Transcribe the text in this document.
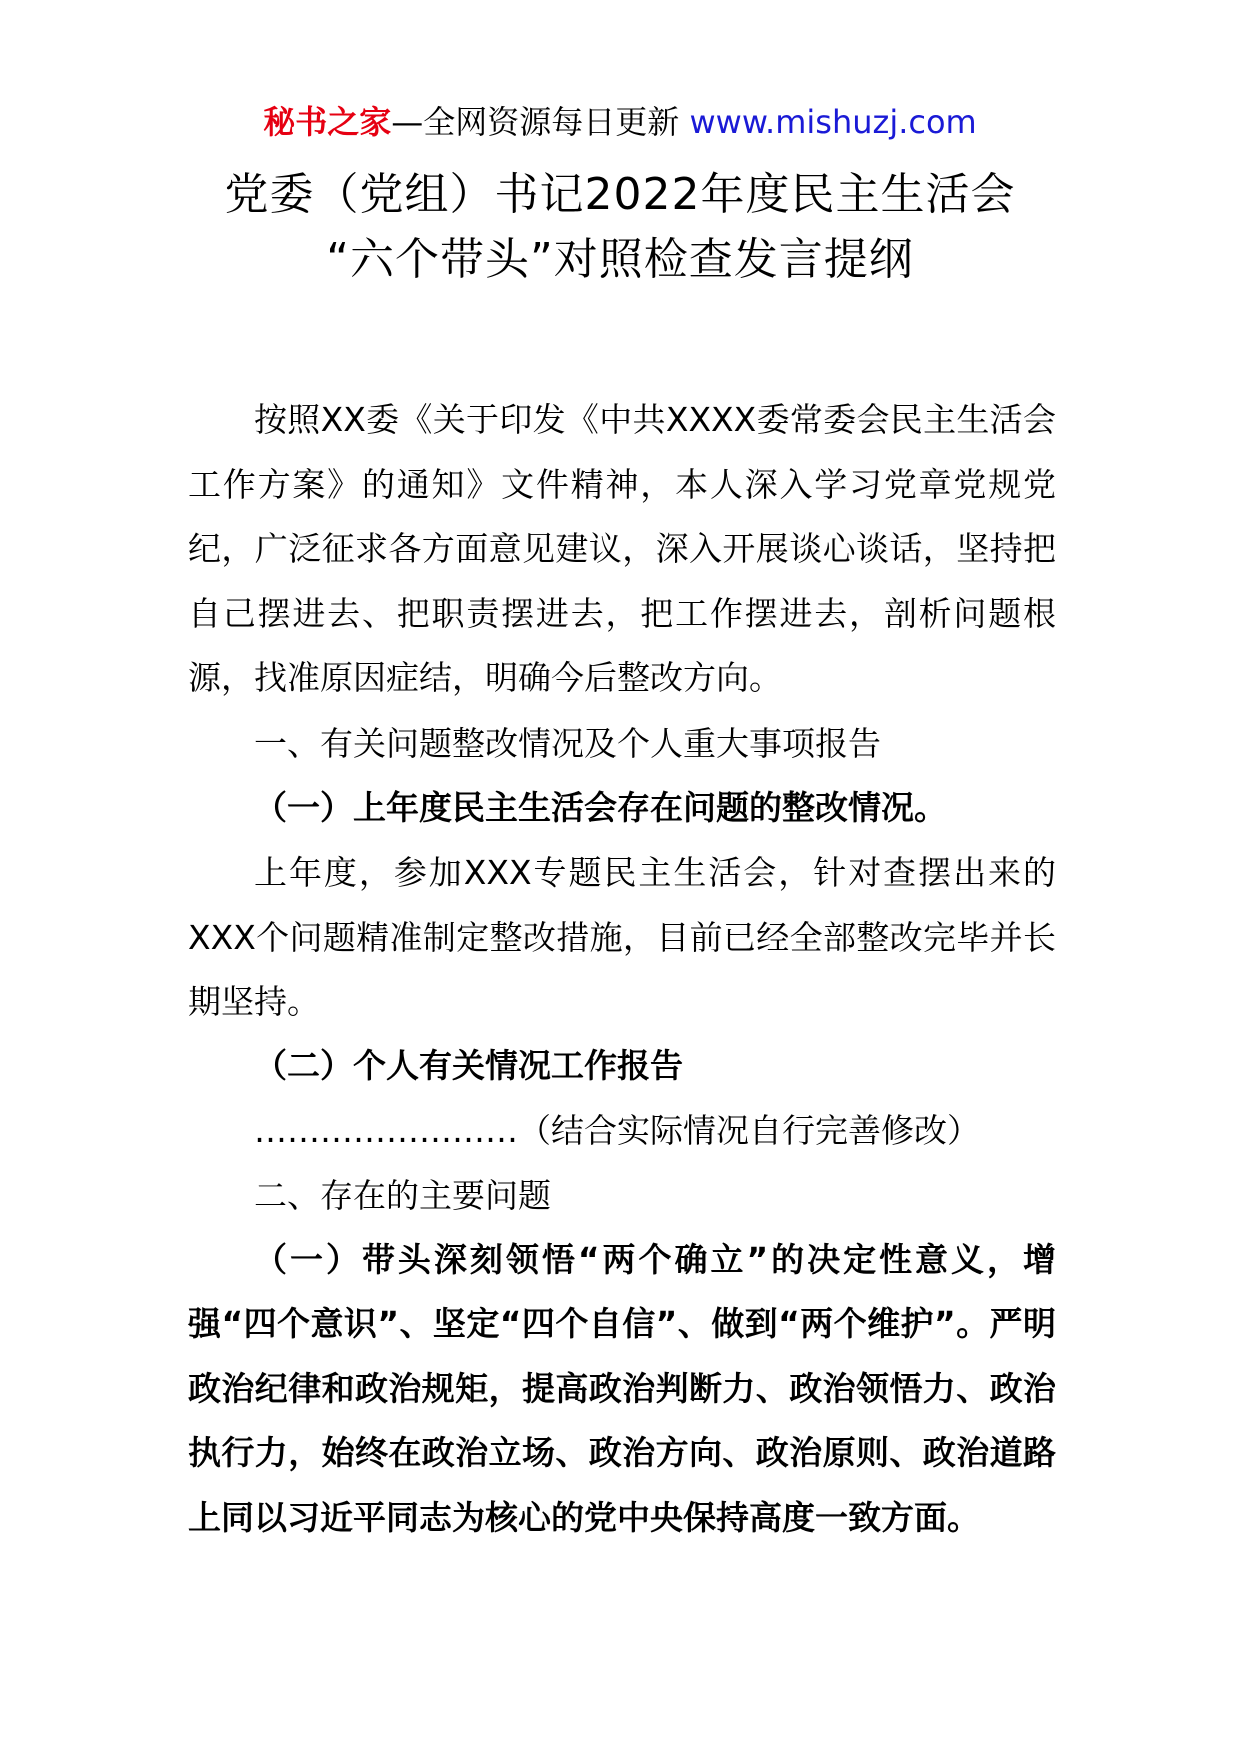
秘书之家—全网资源每日更新 www.mishuzj.com
党委（党组）书记2022年度民主生活会
“六个带头”对照检查发言提纲

按照XX委《关于印发《中共XXXX委常委会民主生活会工作方案》的通知》文件精神，本人深入学习党章党规党纪，广泛征求各方面意见建议，深入开展谈心谈话，坚持把自己摆进去、把职责摆进去，把工作摆进去，剖析问题根源，找准原因症结，明确今后整改方向。

一、有关问题整改情况及个人重大事项报告

（一）上年度民主生活会存在问题的整改情况。

上年度，参加XXX专题民主生活会，针对查摆出来的XXX个问题精准制定整改措施，目前已经全部整改完毕并长期坚持。

（二）个人有关情况工作报告

……………………（结合实际情况自行完善修改）

二、存在的主要问题

（一）带头深刻领悟“两个确立”的决定性意义，增强“四个意识”、坚定“四个自信”、做到“两个维护”。严明政治纪律和政治规矩，提高政治判断力、政治领悟力、政治执行力，始终在政治立场、政治方向、政治原则、政治道路上同以习近平同志为核心的党中央保持高度一致方面。
